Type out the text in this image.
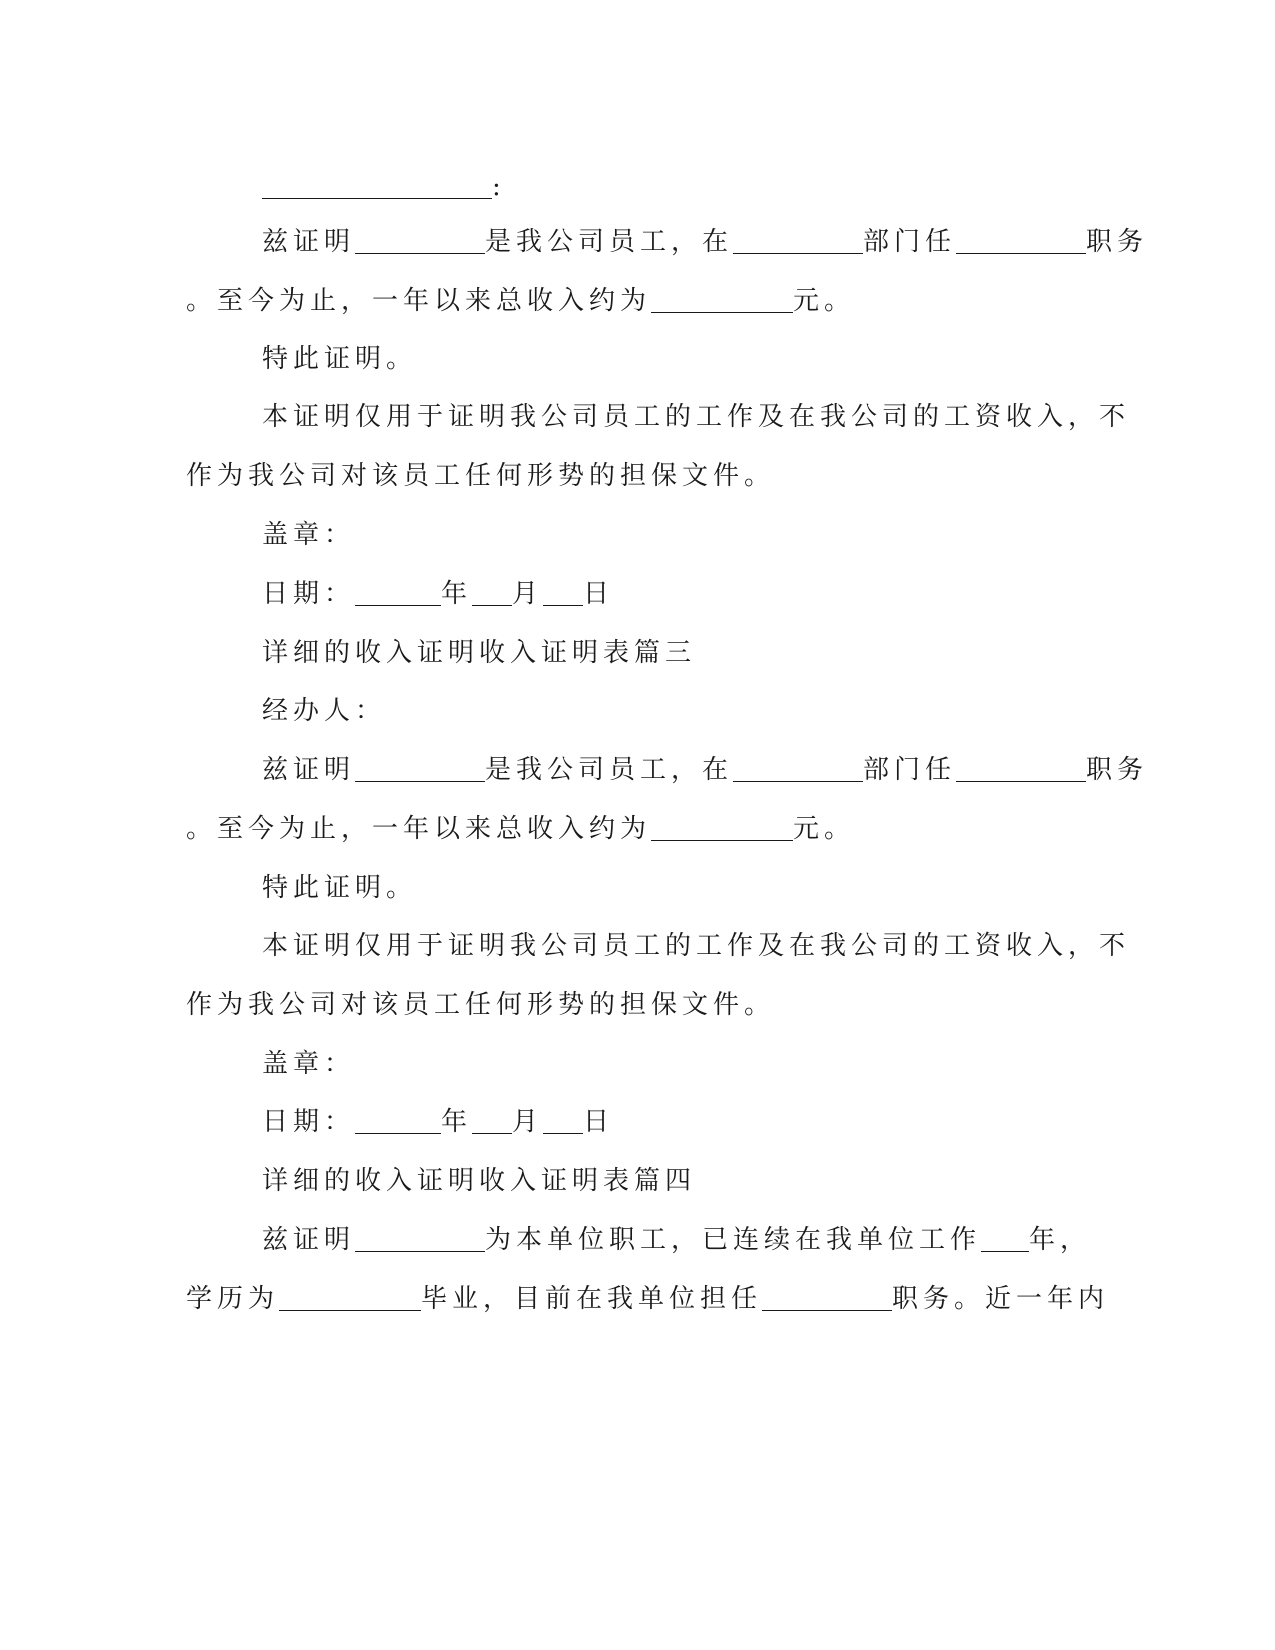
:
兹证明	是我公司员工，在	部门任	职务
。至今为止，一年以来总收入约为	元。
特此证明。
本证明仅用于证明我公司员工的工作及在我公司的工资收入，不
作为我公司对该员工任何形势的担保文件。
盖章：
日期：	年 月 日
详细的收入证明收入证明表篇三
经办人：
兹证明	是我公司员工，在	部门任	职务
。至今为止，一年以来总收入约为	元。
特此证明。
本证明仅用于证明我公司员工的工作及在我公司的工资收入，不
作为我公司对该员工任何形势的担保文件。
盖章：
日期：	年 月 日
详细的收入证明收入证明表篇四
兹证明	为本单位职工，已连续在我单位工作 年，
学历为	毕业，目前在我单位担任	职务。近一年内
